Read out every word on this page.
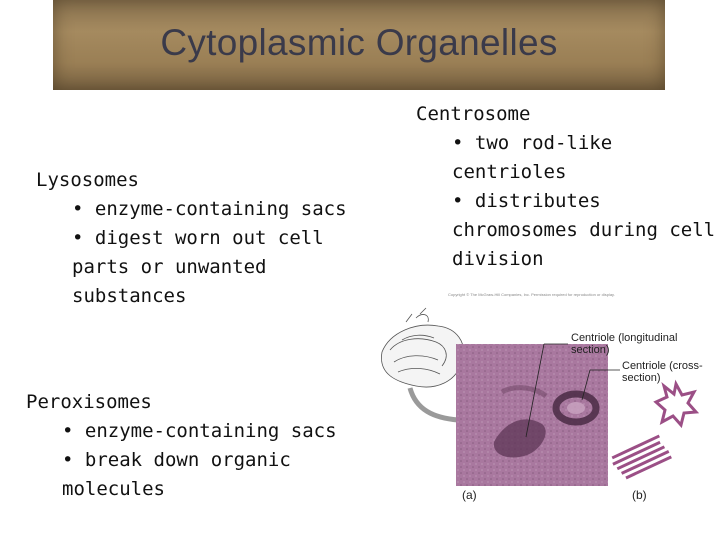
Cytoplasmic Organelles
Lysosomes
• enzyme-containing sacs
• digest worn out cell parts or unwanted substances
Peroxisomes
• enzyme-containing sacs
• break down organic molecules
Centrosome
• two rod-like centrioles
• distributes chromosomes during cell division
Copyright © The McGraw-Hill Companies, Inc. Permission required for reproduction or display.
Centriole (longitudinal section)
Centriole (cross-section)
(a)	(b)
